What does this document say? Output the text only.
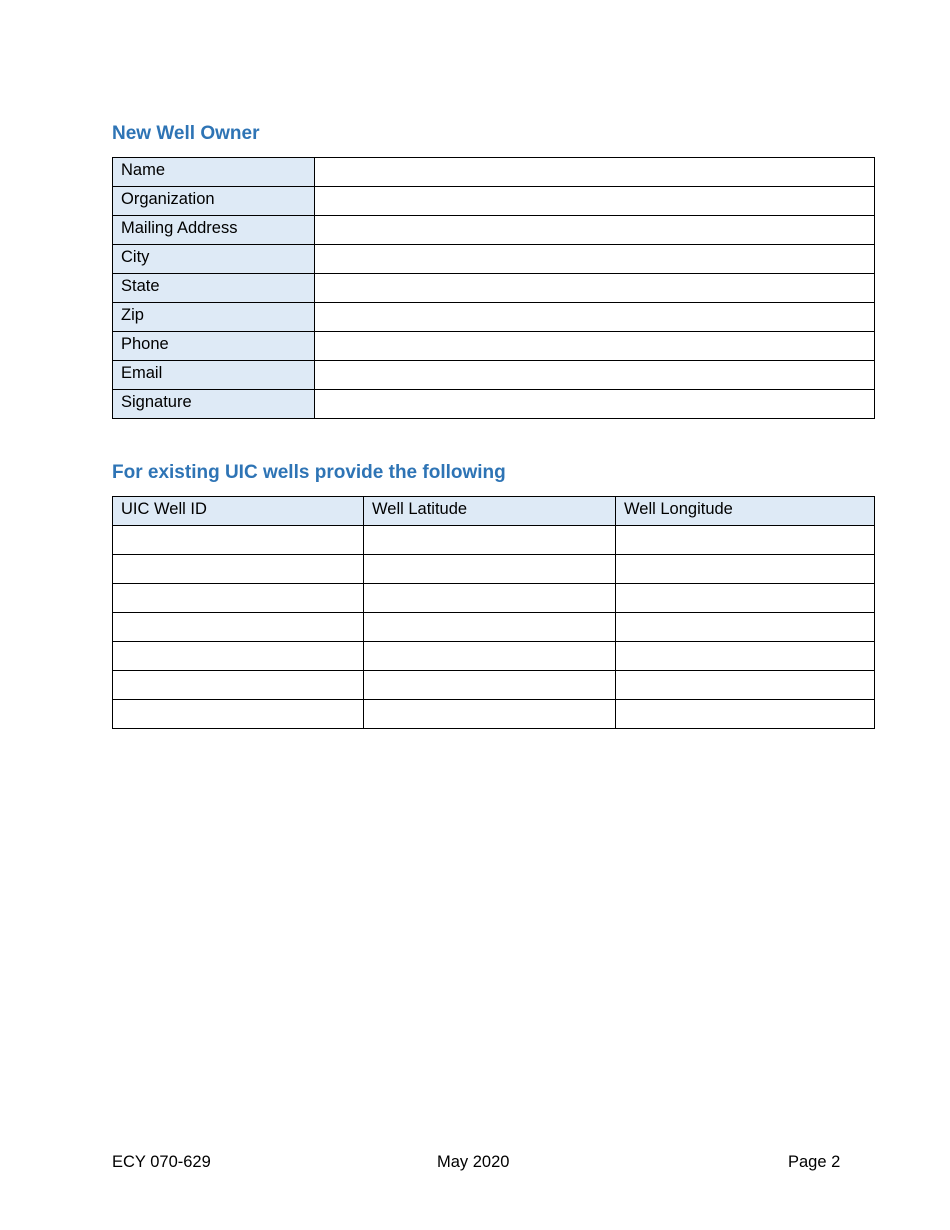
New Well Owner
Name	
Organization	
Mailing Address	
City	
State	
Zip	
Phone	
Email	
Signature	
For existing UIC wells provide the following
UIC Well ID	Well Latitude	Well Longitude

ECY 070-629	May 2020	Page 2
